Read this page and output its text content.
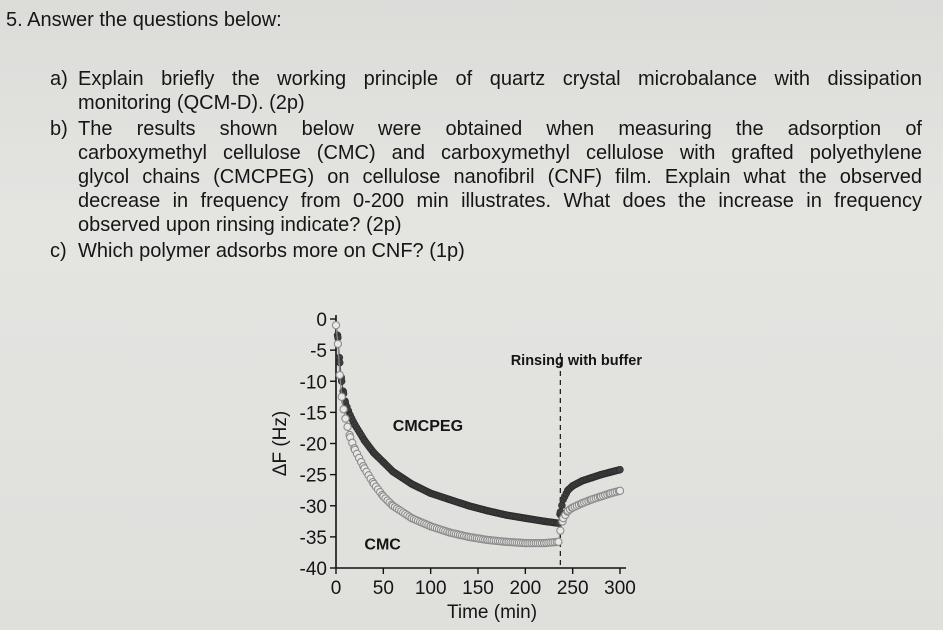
5. Answer the questions below:
a) Explain briefly the working principle of quartz crystal microbalance with dissipation
monitoring (QCM-D). (2p)
b) The results shown below were obtained when measuring the adsorption of
carboxymethyl cellulose (CMC) and carboxymethyl cellulose with grafted polyethylene
glycol chains (CMCPEG) on cellulose nanofibril (CNF) film. Explain what the observed
decrease in frequency from 0-200 min illustrates. What does the increase in frequency
observed upon rinsing indicate? (2p)
c) Which polymer adsorbs more on CNF? (1p)
0
-5
-10
-15
-20
-25
-30
-35
-40
0 50 100 150 200 250 300
Time (min)
ΔF (Hz)
Rinsing with buffer
CMCPEG
CMC
